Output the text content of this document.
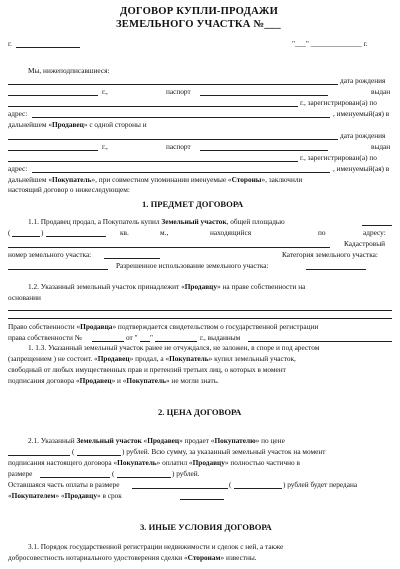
ДОГОВОР КУПЛИ-ПРОДАЖИ
ЗЕМЕЛЬНОГО УЧАСТКА №___
г.	"___" ______________ г.
Мы, нижеподписавшиеся:
дата рождения
г.,	паспорт	выдан
г., зарегистрирован(а) по
адрес:	, именуемый(ая) в
дальнейшем «Продавец» с одной стороны и
дата рождения
г.,	паспорт	выдан
г., зарегистрирован(а) по
адрес:	, именуемый(ая) в
дальнейшем «Покупатель», при совместном упоминании именуемые «Стороны», заключили
настоящий договор о нижеследующем:
1. ПРЕДМЕТ ДОГОВОРА
1.1. Продавец продал, а Покупатель купил Земельный участок, общей площадью
(	)	кв.	м.,	находящийся	по	адресу:
Кадастровый
номер земельного участка:	Категория земельного участка:
Разрешенное использование земельного участка:
1.2. Указанный земельный участок принадлежит «Продавцу» на праве собственности на
основании
Право собственности «Продавца» подтверждается свидетельством о государственной регистрации
права собственности №	от " "	г., выданным
1. 1.3. Указанный земельный участок ранее не отчуждался, не заложен, в споре и под арестом
(запрещением ) не состоит. «Продавец» продал, а «Покупатель» купил земельный участок,
свободный от любых имущественных прав и претензий третьих лиц, о которых в момент
подписания договора «Продавец» и «Покупатель» не могли знать.
2. ЦЕНА ДОГОВОРА
2.1. Указанный Земельный участок «Продавец» продает «Покупателю» по цене
(	) рублей. Всю сумму, за указанный земельный участок на момент
подписания настоящего договора «Покупатель» оплатил «Продавцу» полностью частично в
размере	(	) рублей.
Оставшаяся часть оплаты в размере	(	) рублей будет передана
«Покупателем» «Продавцу» в срок
3. ИНЫЕ УСЛОВИЯ ДОГОВОРА
3.1. Порядок государственной регистрации недвижимости и сделок с ней, а также
добросовестность нотариального удостоверения сделки «Сторонам» известны.
